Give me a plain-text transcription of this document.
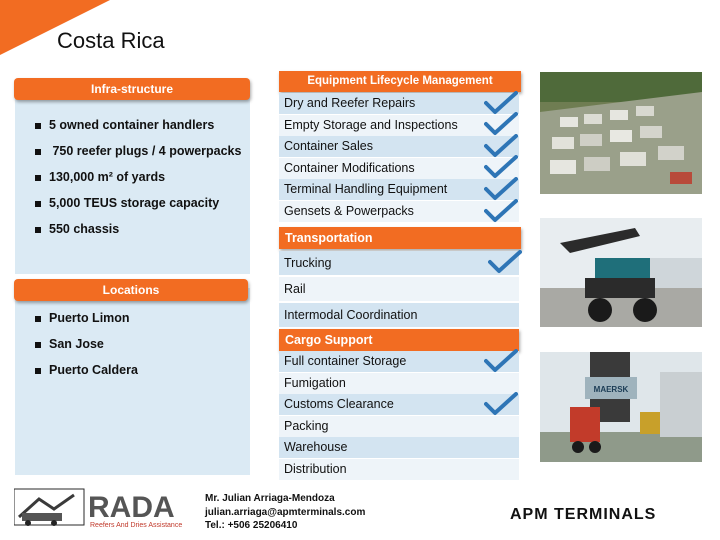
Costa Rica
Infra-structure
5 owned container handlers
750 reefer plugs / 4 powerpacks
130,000 m² of yards
5,000 TEUS storage capacity
550 chassis
Locations
Puerto Limon
San Jose
Puerto Caldera
Equipment Lifecycle Management
Dry and Reefer Repairs
Empty Storage and Inspections
Container Sales
Container Modifications
Terminal Handling Equipment
Gensets & Powerpacks
Transportation
Trucking
Rail
Intermodal Coordination
Cargo Support
Full container Storage
Fumigation
Customs Clearance
Packing
Warehouse
Distribution
MAERSK
RADA
Reefers And Dries Assistance
Mr. Julian Arriaga-Mendoza
julian.arriaga@apmterminals.com
Tel.: +506 25206410
APM TERMINALS
